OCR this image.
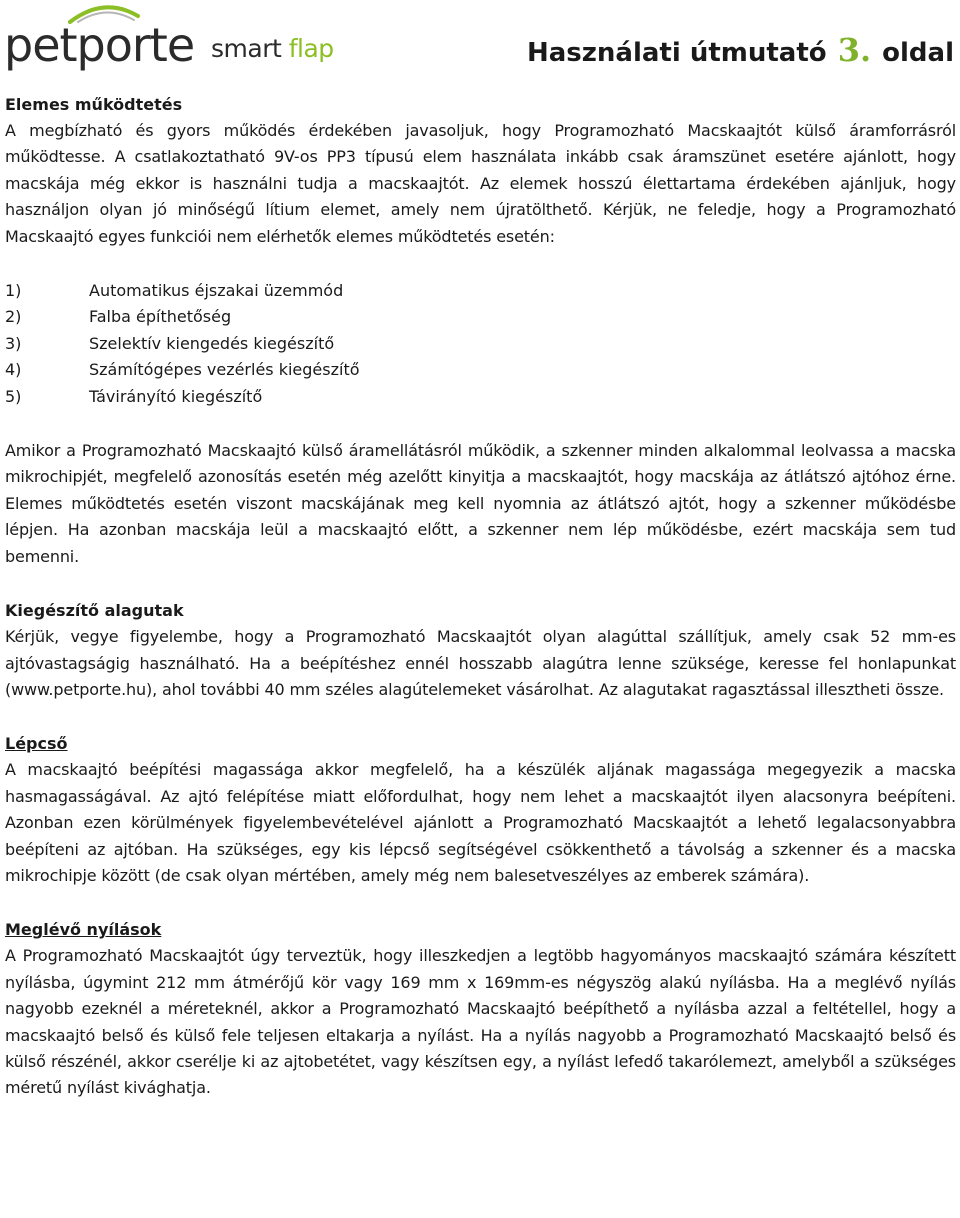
petporte smart flap	Használati útmutató 3. oldal
Elemes működtetés

A megbízható és gyors működés érdekében javasoljuk, hogy Programozható Macskaajtót külső áramforrásról működtesse. A csatlakoztatható 9V-os PP3 típusú elem használata inkább csak áramszünet esetére ajánlott, hogy macskája még ekkor is használni tudja a macskaajtót. Az elemek hosszú élettartama érdekében ajánljuk, hogy használjon olyan jó minőségű lítium elemet, amely nem újratölthető. Kérjük, ne feledje, hogy a Programozható Macskaajtó egyes funkciói nem elérhetők elemes működtetés esetén:

1)	Automatikus éjszakai üzemmód
2)	Falba építhetőség
3)	Szelektív kiengedés kiegészítő
4)	Számítógépes vezérlés kiegészítő
5)	Távirányító kiegészítő

Amikor a Programozható Macskaajtó külső áramellátásról működik, a szkenner minden alkalommal leolvassa a macska mikrochipjét, megfelelő azonosítás esetén még azelőtt kinyitja a macskaajtót, hogy macskája az átlátszó ajtóhoz érne. Elemes működtetés esetén viszont macskájának meg kell nyomnia az átlátszó ajtót, hogy a szkenner működésbe lépjen. Ha azonban macskája leül a macskaajtó előtt, a szkenner nem lép működésbe, ezért macskája sem tud bemenni.

Kiegészítő alagutak

Kérjük, vegye figyelembe, hogy a Programozható Macskaajtót olyan alagúttal szállítjuk, amely csak 52 mm-es ajtóvastagságig használható. Ha a beépítéshez ennél hosszabb alagútra lenne szüksége, keresse fel honlapunkat (www.petporte.hu), ahol további 40 mm széles alagútelemeket vásárolhat. Az alagutakat ragasztással illesztheti össze.

Lépcső

A macskaajtó beépítési magassága akkor megfelelő, ha a készülék aljának magassága megegyezik a macska hasmagasságával. Az ajtó felépítése miatt előfordulhat, hogy nem lehet a macskaajtót ilyen alacsonyra beépíteni. Azonban ezen körülmények figyelembevételével ajánlott a Programozható Macskaajtót a lehető legalacsonyabbra beépíteni az ajtóban. Ha szükséges, egy kis lépcső segítségével csökkenthető a távolság a szkenner és a macska mikrochipje között (de csak olyan mértében, amely még nem balesetveszélyes az emberek számára).

Meglévő nyílások

A Programozható Macskaajtót úgy terveztük, hogy illeszkedjen a legtöbb hagyományos macskaajtó számára készített nyílásba, úgymint 212 mm átmérőjű kör vagy 169 mm x 169mm-es négyszög alakú nyílásba. Ha a meglévő nyílás nagyobb ezeknél a méreteknél, akkor a Programozható Macskaajtó beépíthető a nyílásba azzal a feltétellel, hogy a macskaajtó belső és külső fele teljesen eltakarja a nyílást. Ha a nyílás nagyobb a Programozható Macskaajtó belső és külső részénél, akkor cserélje ki az ajtobetétet, vagy készítsen egy, a nyílást lefedő takarólemezt, amelyből a szükséges méretű nyílást kivághatja.
